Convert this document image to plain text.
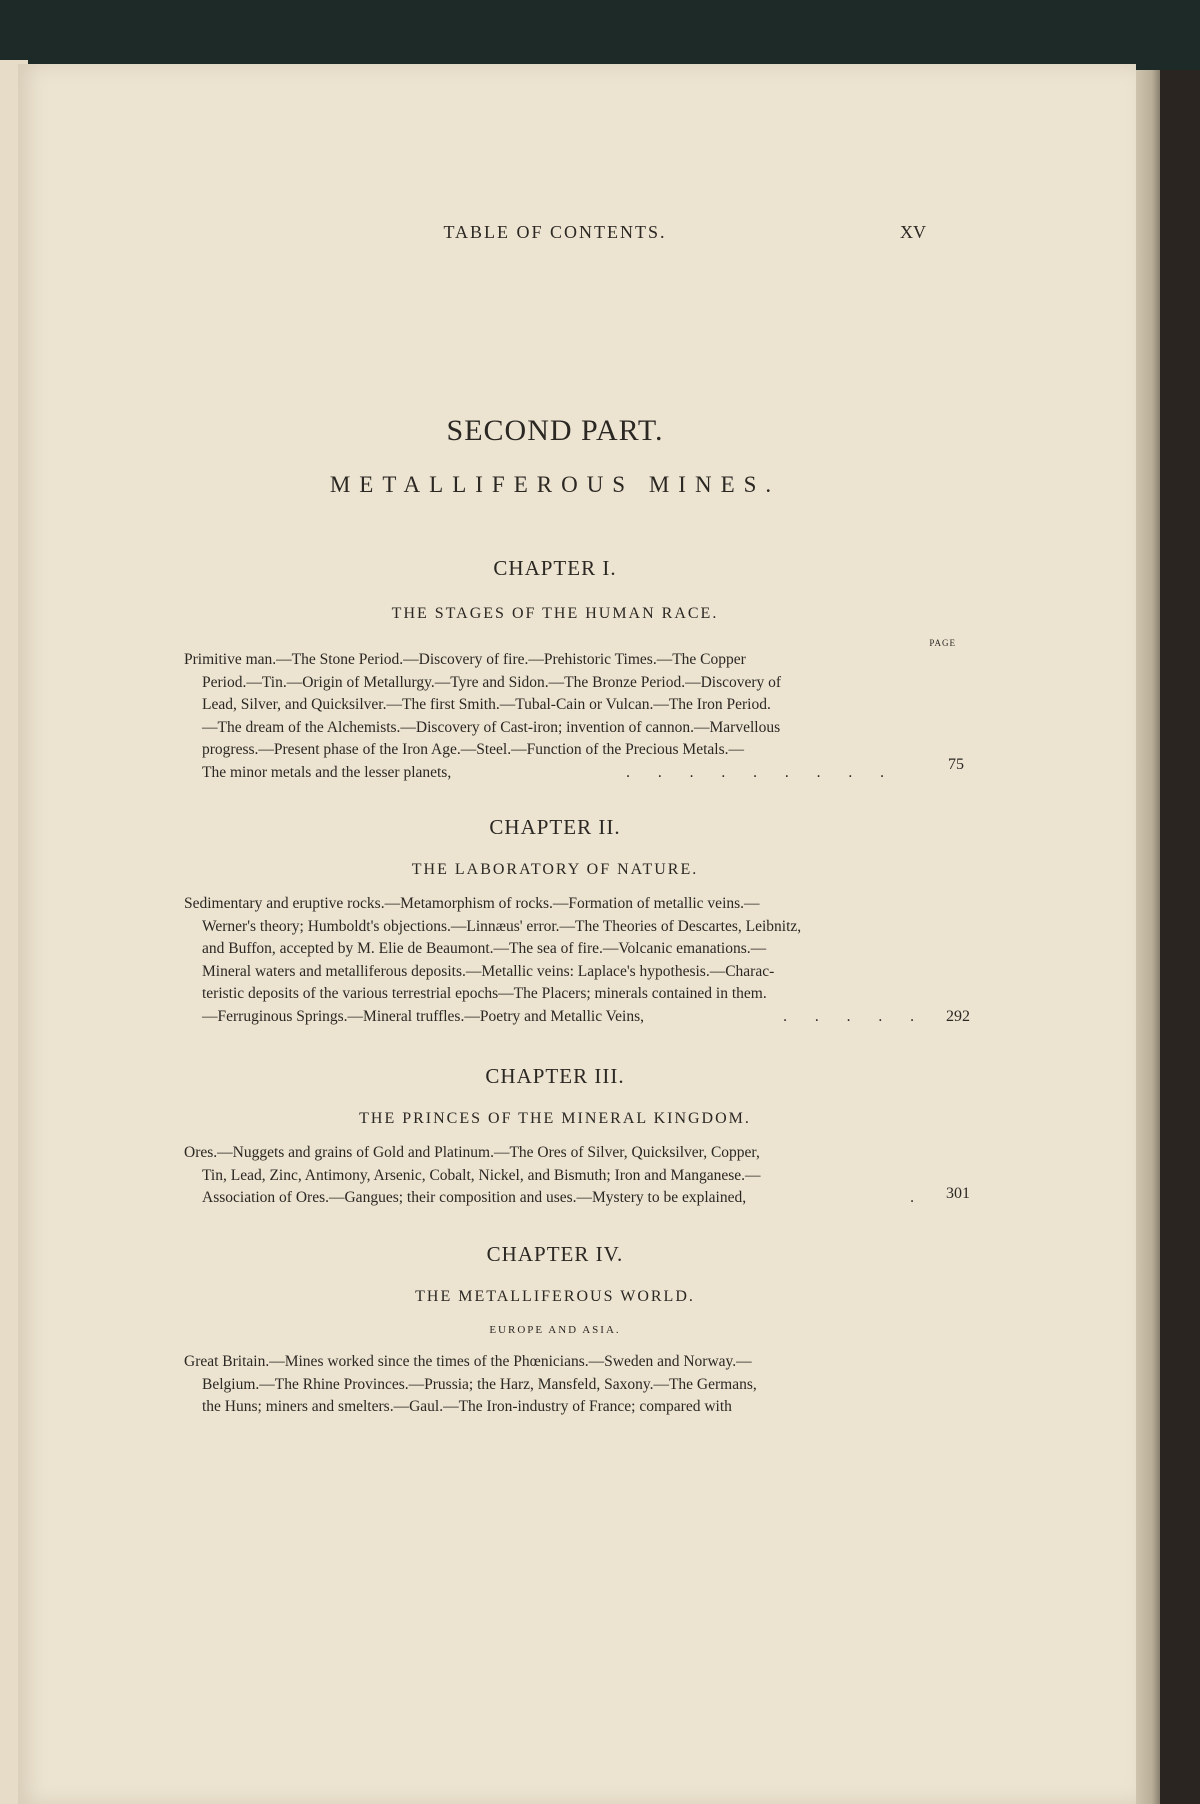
TABLE OF CONTENTS.	XV
SECOND PART.
METALLIFEROUS MINES.
CHAPTER I.
THE STAGES OF THE HUMAN RACE.
PAGE
Primitive man.—The Stone Period.—Discovery of fire.—Prehistoric Times.—The Copper
Period.—Tin.—Origin of Metallurgy.—Tyre and Sidon.—The Bronze Period.—Discovery of
Lead, Silver, and Quicksilver.—The first Smith.—Tubal-Cain or Vulcan.—The Iron Period.
—The dream of the Alchemists.—Discovery of Cast-iron; invention of cannon.—Marvellous
progress.—Present phase of the Iron Age.—Steel.—Function of the Precious Metals.—
The minor metals and the lesser planets,	. . . . . . . . .	75
CHAPTER II.
THE LABORATORY OF NATURE.
Sedimentary and eruptive rocks.—Metamorphism of rocks.—Formation of metallic veins.—
Werner's theory; Humboldt's objections.—Linnæus' error.—The Theories of Descartes, Leibnitz,
and Buffon, accepted by M. Elie de Beaumont.—The sea of fire.—Volcanic emanations.—
Mineral waters and metalliferous deposits.—Metallic veins: Laplace's hypothesis.—Charac-
teristic deposits of the various terrestrial epochs—The Placers; minerals contained in them.
—Ferruginous Springs.—Mineral truffles.—Poetry and Metallic Veins,	. . . . . 292
CHAPTER III.
THE PRINCES OF THE MINERAL KINGDOM.
Ores.—Nuggets and grains of Gold and Platinum.—The Ores of Silver, Quicksilver, Copper,
Tin, Lead, Zinc, Antimony, Arsenic, Cobalt, Nickel, and Bismuth; Iron and Manganese.—
Association of Ores.—Gangues; their composition and uses.—Mystery to be explained,	. 301
CHAPTER IV.
THE METALLIFEROUS WORLD.
EUROPE AND ASIA.
Great Britain.—Mines worked since the times of the Phœnicians.—Sweden and Norway.—
Belgium.—The Rhine Provinces.—Prussia; the Harz, Mansfeld, Saxony.—The Germans,
the Huns; miners and smelters.—Gaul.—The Iron-industry of France; compared with
